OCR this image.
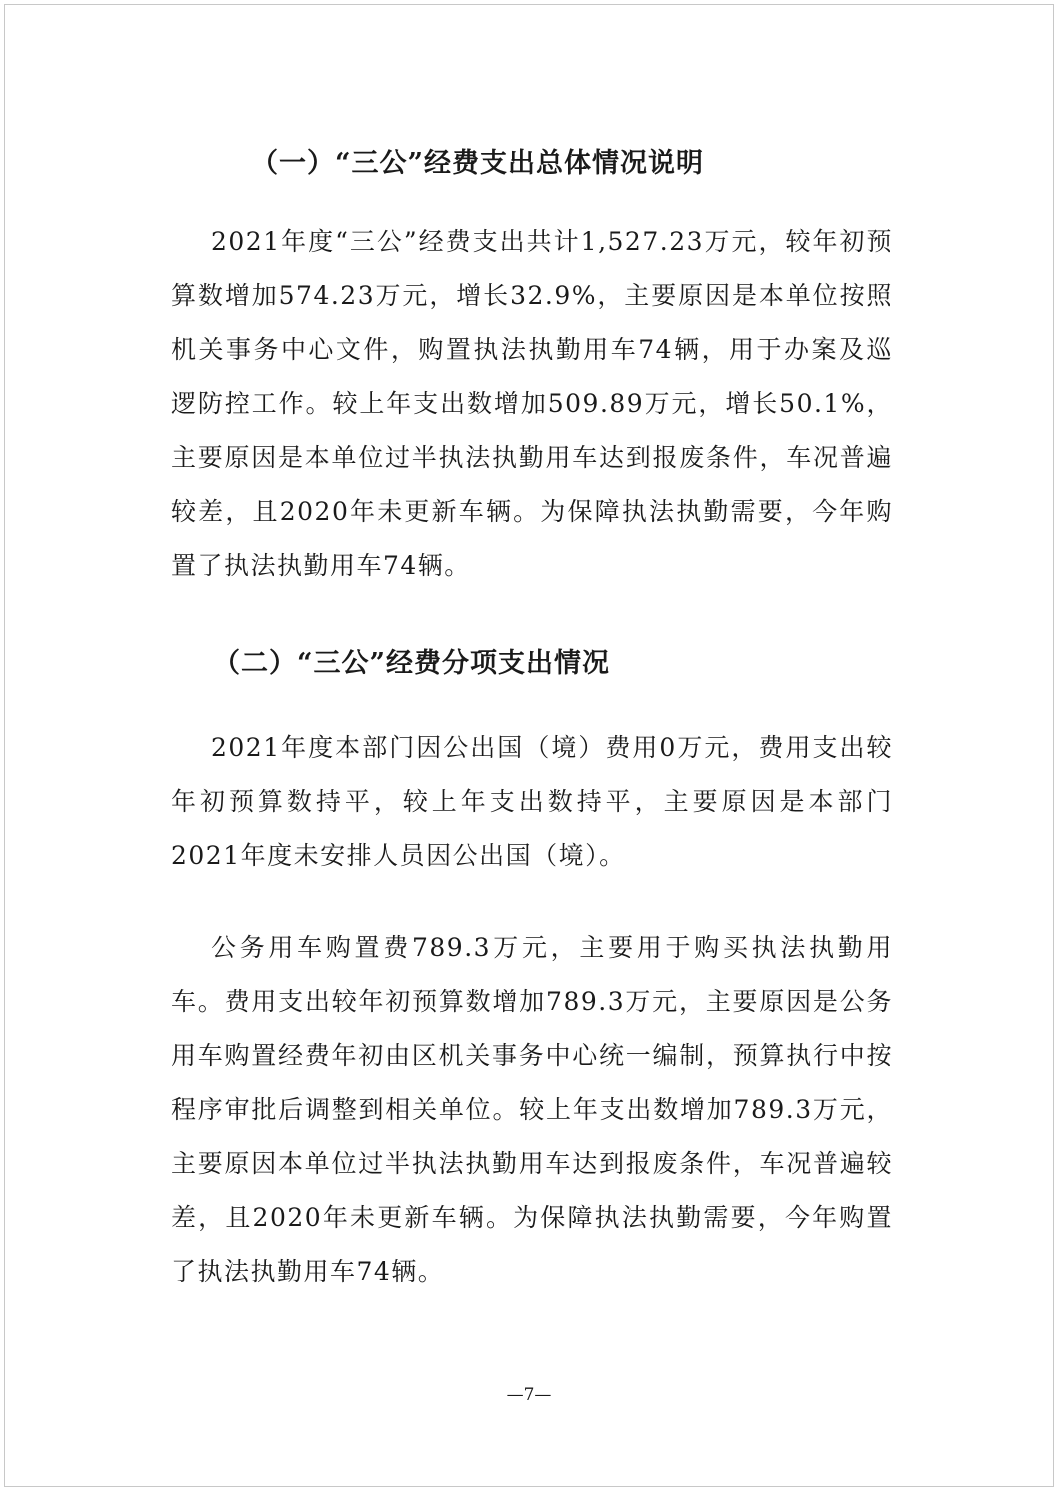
（一）“三公”经费支出总体情况说明

2021年度“三公”经费支出共计1,527.23万元，较年初预算数增加574.23万元，增长32.9%，主要原因是本单位按照机关事务中心文件，购置执法执勤用车74辆，用于办案及巡逻防控工作。较上年支出数增加509.89万元，增长50.1%，主要原因是本单位过半执法执勤用车达到报废条件，车况普遍较差，且2020年未更新车辆。为保障执法执勤需要，今年购置了执法执勤用车74辆。

（二）“三公”经费分项支出情况

2021年度本部门因公出国（境）费用0万元，费用支出较年初预算数持平，较上年支出数持平，主要原因是本部门2021年度未安排人员因公出国（境）。

公务用车购置费789.3万元，主要用于购买执法执勤用车。费用支出较年初预算数增加789.3万元，主要原因是公务用车购置经费年初由区机关事务中心统一编制，预算执行中按程序审批后调整到相关单位。较上年支出数增加789.3万元，主要原因本单位过半执法执勤用车达到报废条件，车况普遍较差，且2020年未更新车辆。为保障执法执勤需要，今年购置了执法执勤用车74辆。

—7—
